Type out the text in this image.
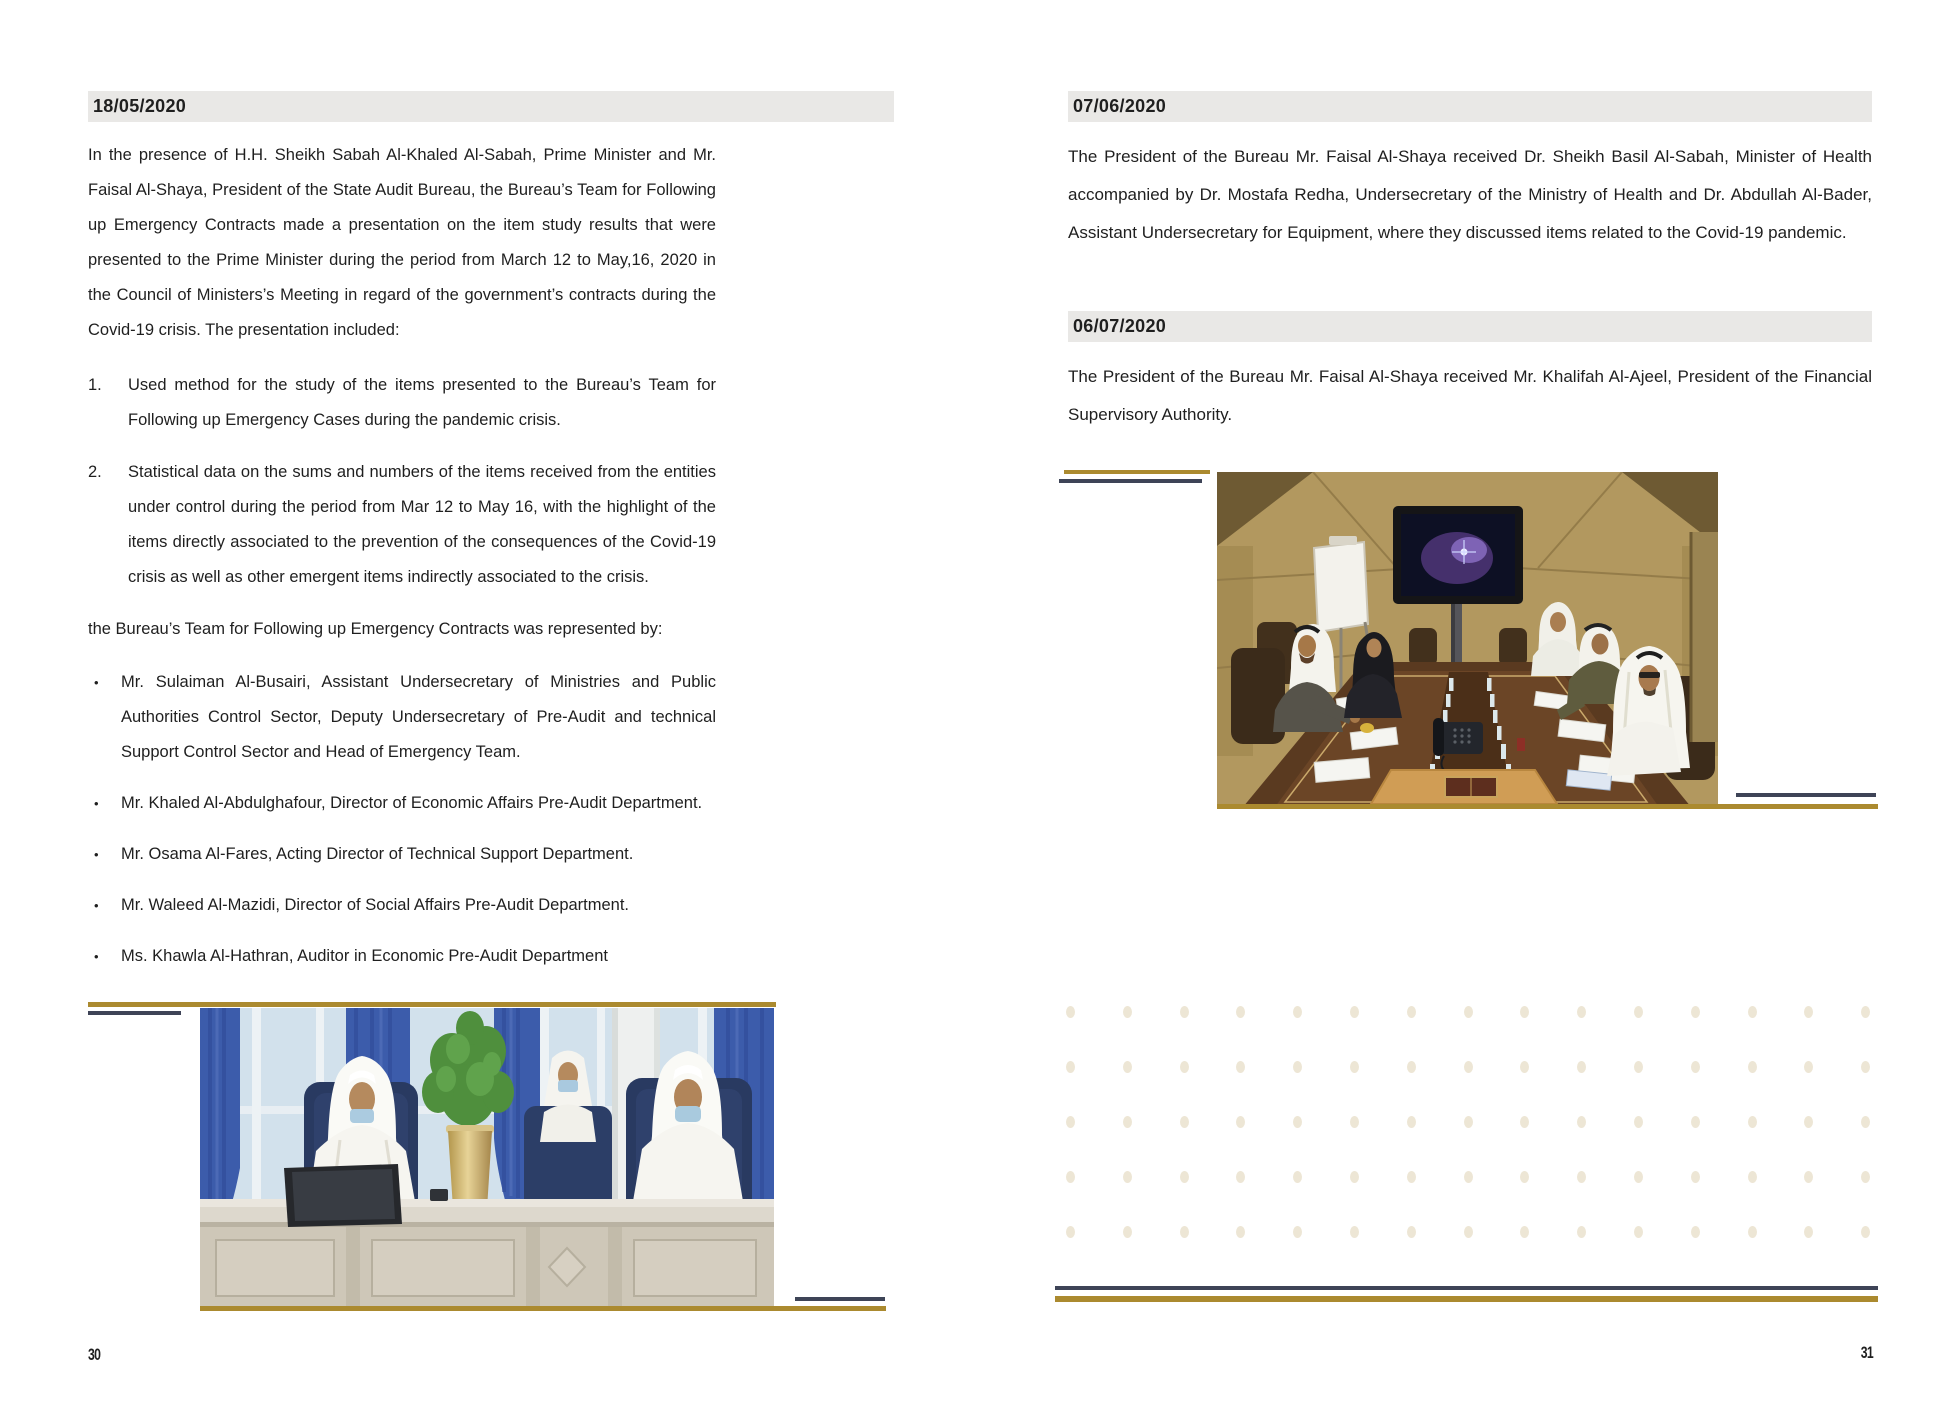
18/05/2020

In the presence of H.H. Sheikh Sabah Al-Khaled Al-Sabah, Prime Minister and Mr. Faisal Al-Shaya, President of the State Audit Bureau, the Bureau’s Team for Following up Emergency Contracts made a presentation on the item study results that were presented to the Prime Minister during the period from March 12 to May,16, 2020 in the Council of Ministers’s Meeting in regard of the government’s contracts during the Covid-19 crisis. The presentation included:

1.	Used method for the study of the items presented to the Bureau’s Team for Following up Emergency Cases during the pandemic crisis.
2.	Statistical data on the sums and numbers of the items received from the entities under control during the period from Mar 12 to May 16, with the highlight of the items directly associated to the prevention of the consequences of the Covid-19 crisis as well as other emergent items indirectly associated to the crisis.

the Bureau’s Team for Following up Emergency Contracts was represented by:

•	Mr. Sulaiman Al-Busairi, Assistant Undersecretary of Ministries and Public Authorities Control Sector, Deputy Undersecretary of Pre-Audit and technical Support Control Sector and Head of Emergency Team.
•	Mr. Khaled Al-Abdulghafour, Director of Economic Affairs Pre-Audit Department.
•	Mr. Osama Al-Fares, Acting Director of Technical Support Department.
•	Mr. Waleed Al-Mazidi, Director of Social Affairs Pre-Audit Department.
•	Ms. Khawla Al-Hathran, Auditor in Economic Pre-Audit Department
30
07/06/2020

The President of the Bureau Mr. Faisal Al-Shaya received Dr. Sheikh Basil Al-Sabah, Minister of Health accompanied by Dr. Mostafa Redha, Undersecretary of the Ministry of Health and Dr. Abdullah Al-Bader, Assistant Undersecretary for Equipment, where they discussed items related to the Covid-19 pandemic.

06/07/2020

The President of the Bureau Mr. Faisal Al-Shaya received Mr. Khalifah Al-Ajeel, President of the Financial Supervisory Authority.

31
